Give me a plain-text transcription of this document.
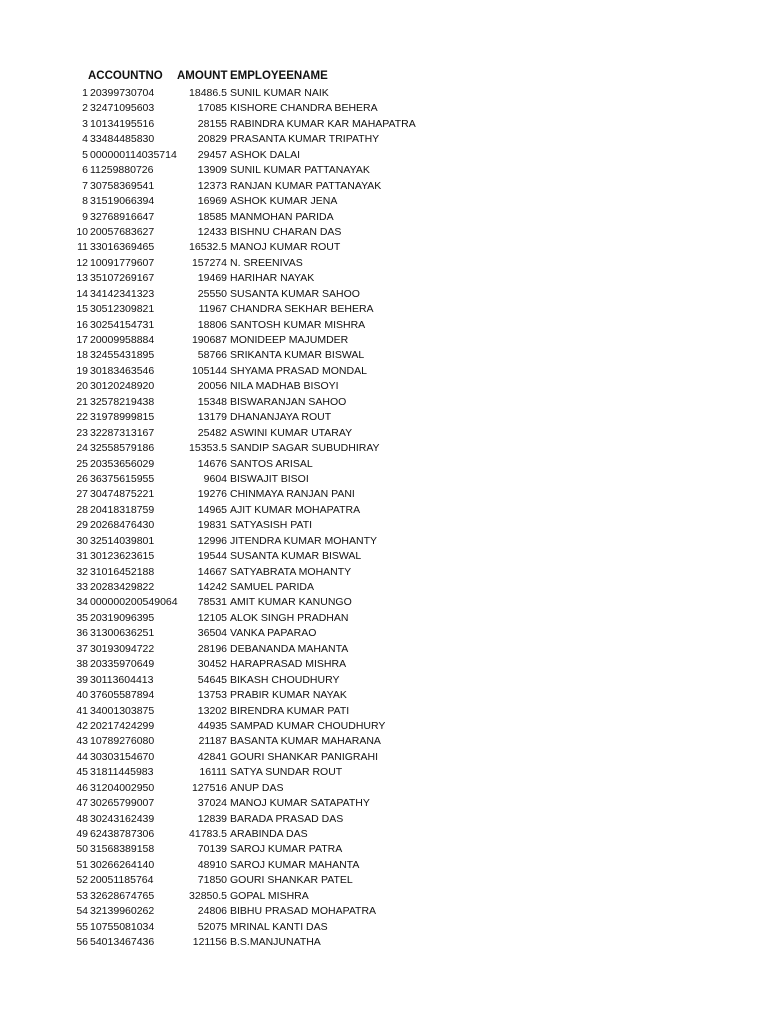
ACCOUNTNO AMOUNT EMPLOYEENAME
1 20399730704	18486.5 SUNIL KUMAR NAIK
2 32471095603	17085 KISHORE CHANDRA BEHERA
3 10134195516	28155 RABINDRA KUMAR KAR MAHAPATRA
4 33484485830	20829 PRASANTA KUMAR TRIPATHY
5 000000114035714	29457 ASHOK DALAI
6 11259880726	13909 SUNIL KUMAR PATTANAYAK
7 30758369541	12373 RANJAN KUMAR PATTANAYAK
8 31519066394	16969 ASHOK KUMAR JENA
9 32768916647	18585 MANMOHAN PARIDA
10 20057683627	12433 BISHNU CHARAN DAS
11 33016369465	16532.5 MANOJ KUMAR ROUT
12 10091779607	157274 N. SREENIVAS
13 35107269167	19469 HARIHAR NAYAK
14 34142341323	25550 SUSANTA KUMAR SAHOO
15 30512309821	11967 CHANDRA SEKHAR BEHERA
16 30254154731	18806 SANTOSH KUMAR MISHRA
17 20009958884	190687 MONIDEEP MAJUMDER
18 32455431895	58766 SRIKANTA KUMAR BISWAL
19 30183463546	105144 SHYAMA PRASAD MONDAL
20 30120248920	20056 NILA MADHAB BISOYI
21 32578219438	15348 BISWARANJAN SAHOO
22 31978999815	13179 DHANANJAYA ROUT
23 32287313167	25482 ASWINI KUMAR UTARAY
24 32558579186	15353.5 SANDIP SAGAR SUBUDHIRAY
25 20353656029	14676 SANTOS ARISAL
26 36375615955	9604 BISWAJIT BISOI
27 30474875221	19276 CHINMAYA RANJAN PANI
28 20418318759	14965 AJIT KUMAR MOHAPATRA
29 20268476430	19831 SATYASISH PATI
30 32514039801	12996 JITENDRA KUMAR MOHANTY
31 30123623615	19544 SUSANTA KUMAR BISWAL
32 31016452188	14667 SATYABRATA MOHANTY
33 20283429822	14242 SAMUEL PARIDA
34 000000200549064	78531 AMIT KUMAR KANUNGO
35 20319096395	12105 ALOK SINGH PRADHAN
36 31300636251	36504 VANKA PAPARAO
37 30193094722	28196 DEBANANDA MAHANTA
38 20335970649	30452 HARAPRASAD MISHRA
39 30113604413	54645 BIKASH CHOUDHURY
40 37605587894	13753 PRABIR KUMAR NAYAK
41 34001303875	13202 BIRENDRA KUMAR PATI
42 20217424299	44935 SAMPAD KUMAR CHOUDHURY
43 10789276080	21187 BASANTA KUMAR MAHARANA
44 30303154670	42841 GOURI SHANKAR PANIGRAHI
45 31811445983	16111 SATYA SUNDAR ROUT
46 31204002950	127516 ANUP DAS
47 30265799007	37024 MANOJ KUMAR SATAPATHY
48 30243162439	12839 BARADA PRASAD DAS
49 62438787306	41783.5 ARABINDA DAS
50 31568389158	70139 SAROJ KUMAR PATRA
51 30266264140	48910 SAROJ KUMAR MAHANTA
52 20051185764	71850 GOURI SHANKAR PATEL
53 32628674765	32850.5 GOPAL MISHRA
54 32139960262	24806 BIBHU PRASAD MOHAPATRA
55 10755081034	52075 MRINAL KANTI DAS
56 54013467436	121156 B.S.MANJUNATHA
